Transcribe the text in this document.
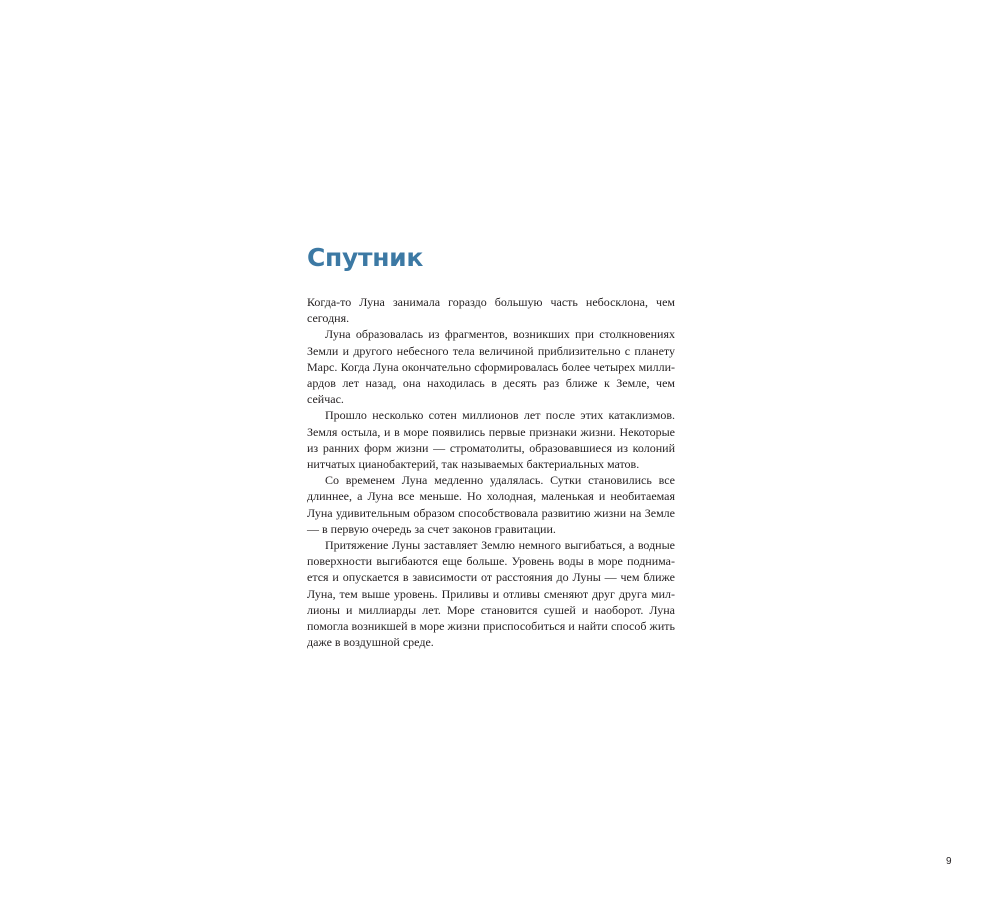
Спутник

Когда-то Луна занимала гораздо большую часть небосклона, чем сегодня.

Луна образовалась из фрагментов, возникших при столкновениях Земли и другого небесного тела величиной приблизительно с планету Марс. Когда Луна окончательно сформировалась более четырех миллиардов лет назад, она находилась в десять раз ближе к Земле, чем сейчас.

Прошло несколько сотен миллионов лет после этих катаклизмов. Земля остыла, и в море появились первые признаки жизни. Некоторые из ранних форм жизни — строматолиты, образовавшиеся из колоний нитчатых цианобактерий, так называемых бактериальных матов.

Со временем Луна медленно удалялась. Сутки становились все длиннее, а Луна все меньше. Но холодная, маленькая и необитаемая Луна удивительным образом способствовала развитию жизни на Земле — в первую очередь за счет законов гравитации.

Притяжение Луны заставляет Землю немного выгибаться, а водные поверхности выгибаются еще больше. Уровень воды в море поднимается и опускается в зависимости от расстояния до Луны — чем ближе Луна, тем выше уровень. Приливы и отливы сменяют друг друга миллионы и миллиарды лет. Море становится сушей и наоборот. Луна помогла возникшей в море жизни приспособиться и найти способ жить даже в воздушной среде.

9
